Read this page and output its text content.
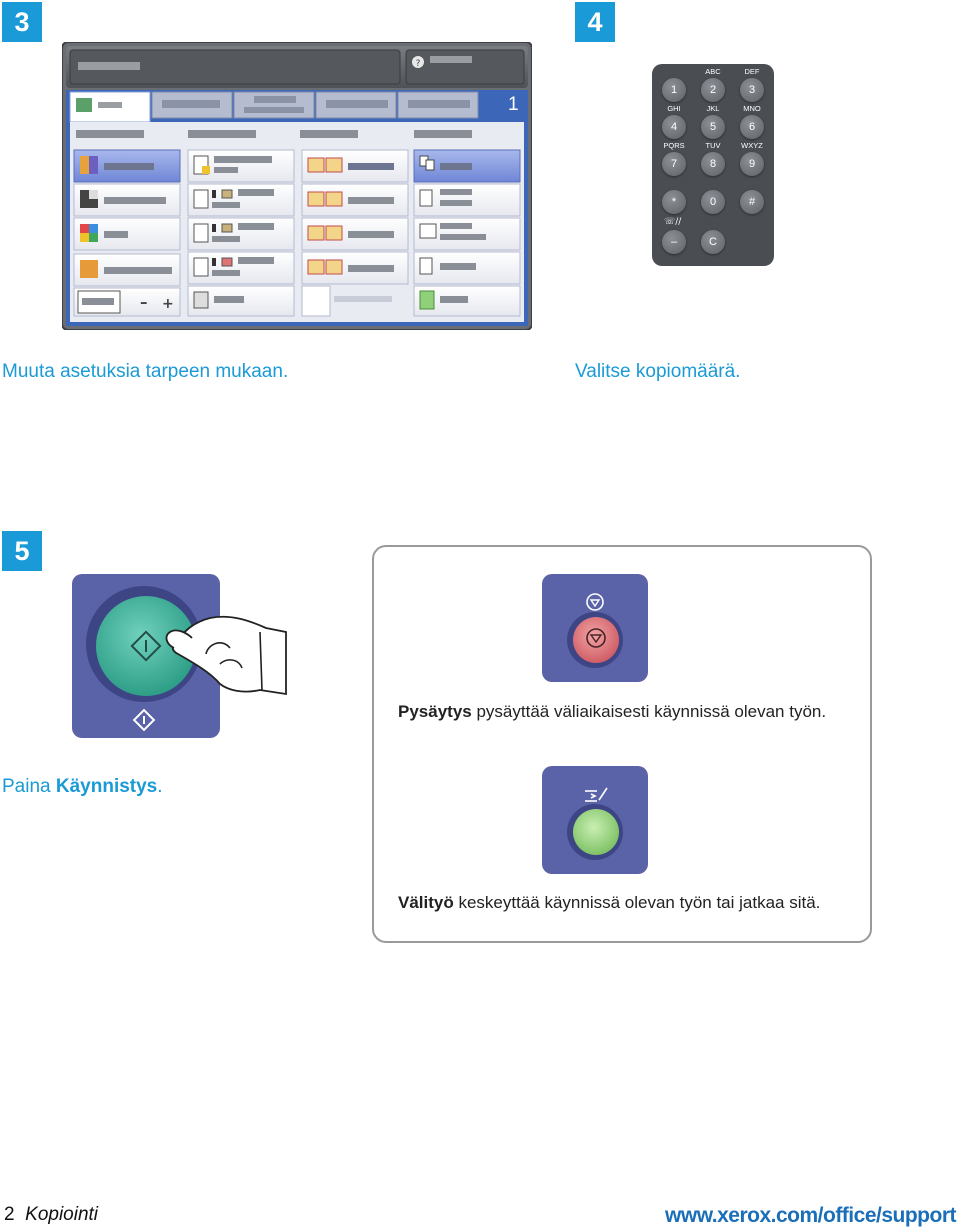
3
?
– +
1
Muuta asetuksia tarpeen mukaan.
4
1
ABC
2
DEF
3
GHI
4
JKL
5
MNO
6
PQRS
7
TUV
8
WXYZ
9
*	0	#
–	C
☏//
Valitse kopiomäärä.
5
Paina Käynnistys.
Pysäytys pysäyttää väliaikaisesti käynnissä olevan työn.
Välityö keskeyttää käynnissä olevan työn tai jatkaa sitä.
2 Kopiointi	www.xerox.com/office/support
